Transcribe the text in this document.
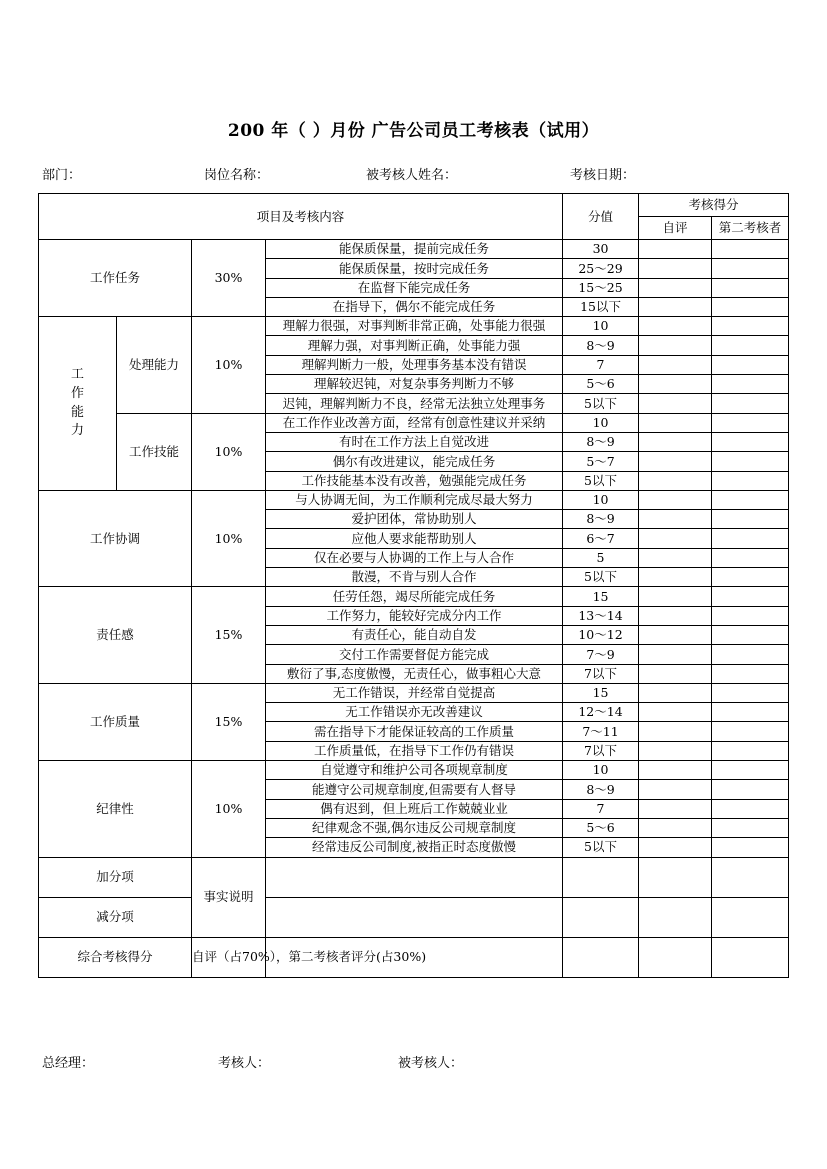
200 年（ ）月份 广告公司员工考核表（试用）
部门：	岗位名称：	被考核人姓名：	考核日期：
项目及考核内容				分值	考核得分	
					自评	第二考核者
工作任务		30%	能保质保量，提前完成任务	30		
			能保质保量，按时完成任务	25～29		
			在监督下能完成任务	15～25		
			在指导下，偶尔不能完成任务	15以下		
工作能力	处理能力	10%	理解力很强，对事判断非常正确，处事能力很强	10		
			理解力强，对事判断正确，处事能力强	8～9		
			理解判断力一般，处理事务基本没有错误	7		
			理解较迟钝，对复杂事务判断力不够	5～6		
			迟钝，理解判断力不良，经常无法独立处理事务	5以下		
	工作技能	10%	在工作作业改善方面，经常有创意性建议并采纳	10		
			有时在工作方法上自觉改进	8～9		
			偶尔有改进建议，能完成任务	5～7		
			工作技能基本没有改善，勉强能完成任务	5以下		
工作协调		10%	与人协调无间，为工作顺利完成尽最大努力	10		
			爱护团体，常协助别人	8～9		
			应他人要求能帮助别人	6～7		
			仅在必要与人协调的工作上与人合作	5		
			散漫，不肯与别人合作	5以下		
责任感		15%	任劳任怨，竭尽所能完成任务	15		
			工作努力，能较好完成分内工作	13～14		
			有责任心，能自动自发	10～12		
			交付工作需要督促方能完成	7～9		
			敷衍了事,态度傲慢，无责任心，做事粗心大意	7以下		
工作质量		15%	无工作错误，并经常自觉提高	15		
			无工作错误亦无改善建议	12～14		
			需在指导下才能保证较高的工作质量	7～11		
			工作质量低，在指导下工作仍有错误	7以下		
纪律性		10%	自觉遵守和维护公司各项规章制度	10		
			能遵守公司规章制度,但需要有人督导	8～9		
			偶有迟到，但上班后工作兢兢业业	7		
			纪律观念不强,偶尔违反公司规章制度	5～6		
			经常违反公司制度,被指正时态度傲慢	5以下		
加分项		事实说明				
减分项						
综合考核得分		自评（占70%），第二考核者评分(占30%)				
总经理：	考核人：	被考核人：
